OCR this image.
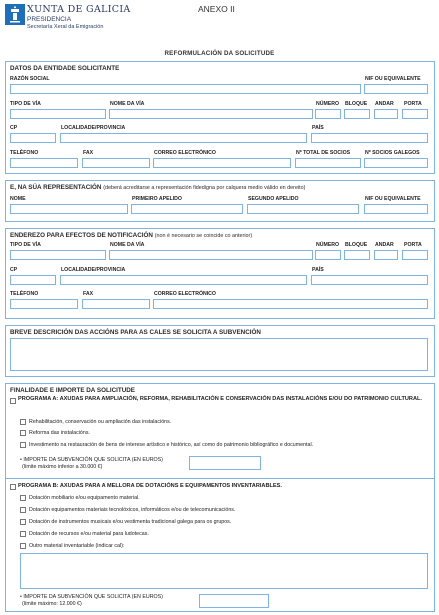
XUNTA DE GALICIA
PRESIDENCIA
Secretaría Xeral da Emigración
ANEXO II
REFORMULACIÓN DA SOLICITUDE
DATOS DA ENTIDADE SOLICITANTE
RAZÓN SOCIAL	NIF OU EQUIVALENTE
TIPO DE VÍA	NOME DA VÍA	NÚMERO BLOQUE ANDAR PORTA
CP	LOCALIDADE/PROVINCIA	PAÍS
TELÉFONO	FAX	CORREO ELECTRÓNICO	Nº TOTAL DE SOCIOS	Nº SOCIOS GALEGOS
E, NA SÚA REPRESENTACIÓN (deberá acreditarse a representación fidedigna por calquera medio válido en dereito)
NOME	PRIMEIRO APELIDO	SEGUNDO APELIDO	NIF OU EQUIVALENTE
ENDEREZO PARA EFECTOS DE NOTIFICACIÓN (non é necesario se coincide co anterior)
TIPO DE VÍA	NOME DA VÍA	NÚMERO BLOQUE ANDAR PORTA
CP	LOCALIDADE/PROVINCIA	PAÍS
TELÉFONO	FAX	CORREO ELECTRÓNICO
BREVE DESCRICIÓN DAS ACCIÓNS PARA AS CALES SE SOLICITA A SUBVENCIÓN
FINALIDADE E IMPORTE DA SOLICITUDE
PROGRAMA A: AXUDAS PARA AMPLIACIÓN, REFORMA, REHABILITACIÓN E CONSERVACIÓN DAS INSTALACIÓNS E/OU DO PATRIMONIO CULTURAL.
Rehabilitación, conservación ou ampliación das instalacións.
Reforma das instalacións.
Investimento na restauración de bens de interese artístico e histórico, así como do patrimonio bibliográfico e documental.
• IMPORTE DA SUBVENCIÓN QUE SOLICITA (EN EUROS)
(límite máximo inferior a 30.000 €)
PROGRAMA B: AXUDAS PARA A MELLORA DE DOTACIÓNS E EQUIPAMENTOS INVENTARIABLES.
Dotación mobiliario e/ou equipamento material.
Dotación equipamentos materiais tecnolóxicos, informáticos e/ou de telecomunicacións.
Dotación de instrumentos musicais e/ou vestimenta tradicional galega para os grupos.
Dotación de recursos e/ou material para ludotecas.
Outro material inventariable (indicar cal):
• IMPORTE DA SUBVENCIÓN QUE SOLICITA (EN EUROS)
(límite máximo: 12.000 €)
